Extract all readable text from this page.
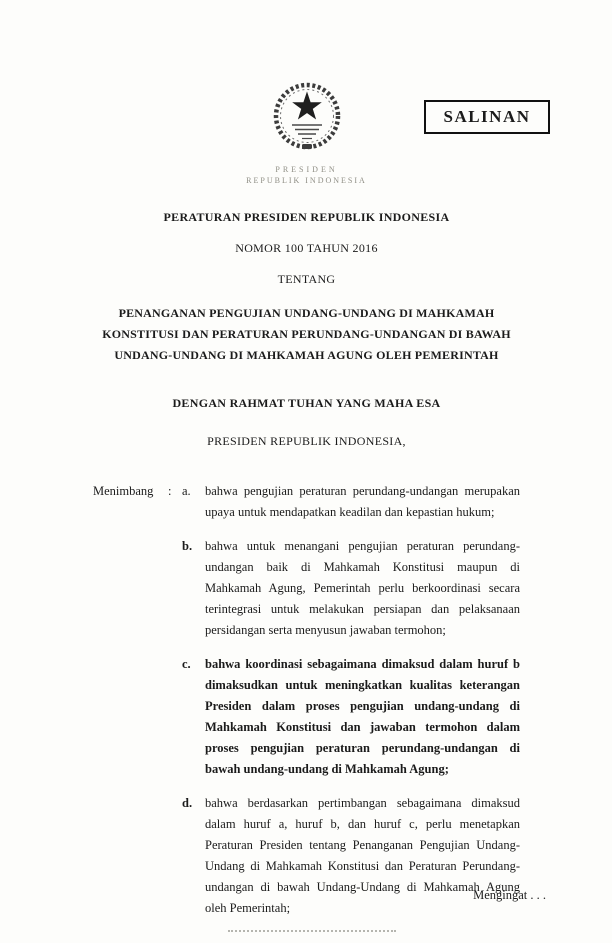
SALINAN
PRESIDEN
REPUBLIK INDONESIA
PERATURAN PRESIDEN REPUBLIK INDONESIA
NOMOR 100 TAHUN 2016
TENTANG
PENANGANAN PENGUJIAN UNDANG-UNDANG DI MAHKAMAH KONSTITUSI DAN PERATURAN PERUNDANG-UNDANGAN DI BAWAH UNDANG-UNDANG DI MAHKAMAH AGUNG OLEH PEMERINTAH
DENGAN RAHMAT TUHAN YANG MAHA ESA
PRESIDEN REPUBLIK INDONESIA,
Menimbang	: a.	bahwa pengujian peraturan perundang-undangan merupakan upaya untuk mendapatkan keadilan dan kepastian hukum;
b.	bahwa untuk menangani pengujian peraturan perundang-undangan baik di Mahkamah Konstitusi maupun di Mahkamah Agung, Pemerintah perlu berkoordinasi secara terintegrasi untuk melakukan persiapan dan pelaksanaan persidangan serta menyusun jawaban termohon;
c.	bahwa koordinasi sebagaimana dimaksud dalam huruf b dimaksudkan untuk meningkatkan kualitas keterangan Presiden dalam proses pengujian undang-undang di Mahkamah Konstitusi dan jawaban termohon dalam proses pengujian peraturan perundang-undangan di bawah undang-undang di Mahkamah Agung;
d.	bahwa berdasarkan pertimbangan sebagaimana dimaksud dalam huruf a, huruf b, dan huruf c, perlu menetapkan Peraturan Presiden tentang Penanganan Pengujian Undang-Undang di Mahkamah Konstitusi dan Peraturan Perundang-undangan di bawah Undang-Undang di Mahkamah Agung oleh Pemerintah;
Mengingat . . .
